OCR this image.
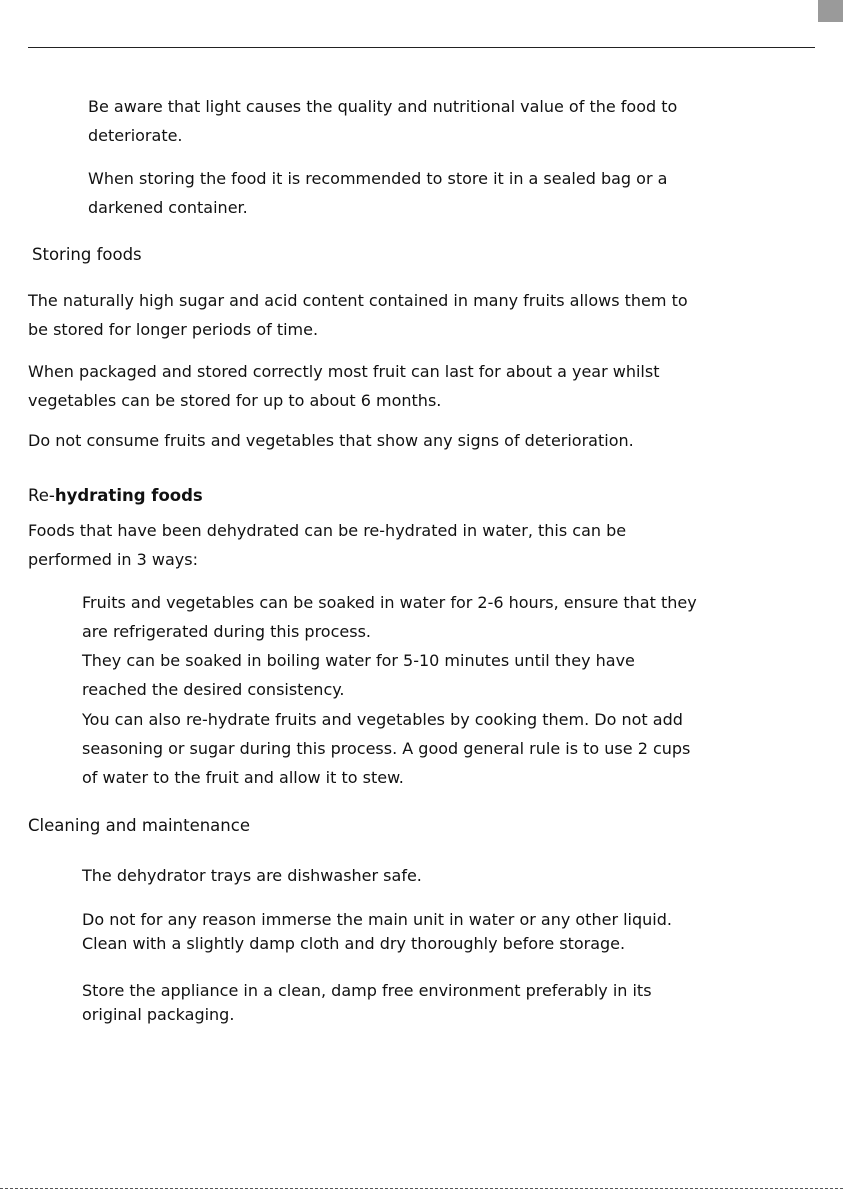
Be aware that light causes the quality and nutritional value of the food to
deteriorate.

When storing the food it is recommended to store it in a sealed bag or a
darkened container.

Storing foods

The naturally high sugar and acid content contained in many fruits allows them to
be stored for longer periods of time.

When packaged and stored correctly most fruit can last for about a year whilst
vegetables can be stored for up to about 6 months.

Do not consume fruits and vegetables that show any signs of deterioration.

Re-hydrating foods

Foods that have been dehydrated can be re-hydrated in water, this can be
performed in 3 ways:

Fruits and vegetables can be soaked in water for 2-6 hours, ensure that they
are refrigerated during this process.

They can be soaked in boiling water for 5-10 minutes until they have
reached the desired consistency.

You can also re-hydrate fruits and vegetables by cooking them. Do not add
seasoning or sugar during this process. A good general rule is to use 2 cups
of water to the fruit and allow it to stew.

Cleaning and maintenance

The dehydrator trays are dishwasher safe.

Do not for any reason immerse the main unit in water or any other liquid.
Clean with a slightly damp cloth and dry thoroughly before storage.

Store the appliance in a clean, damp free environment preferably in its
original packaging.
